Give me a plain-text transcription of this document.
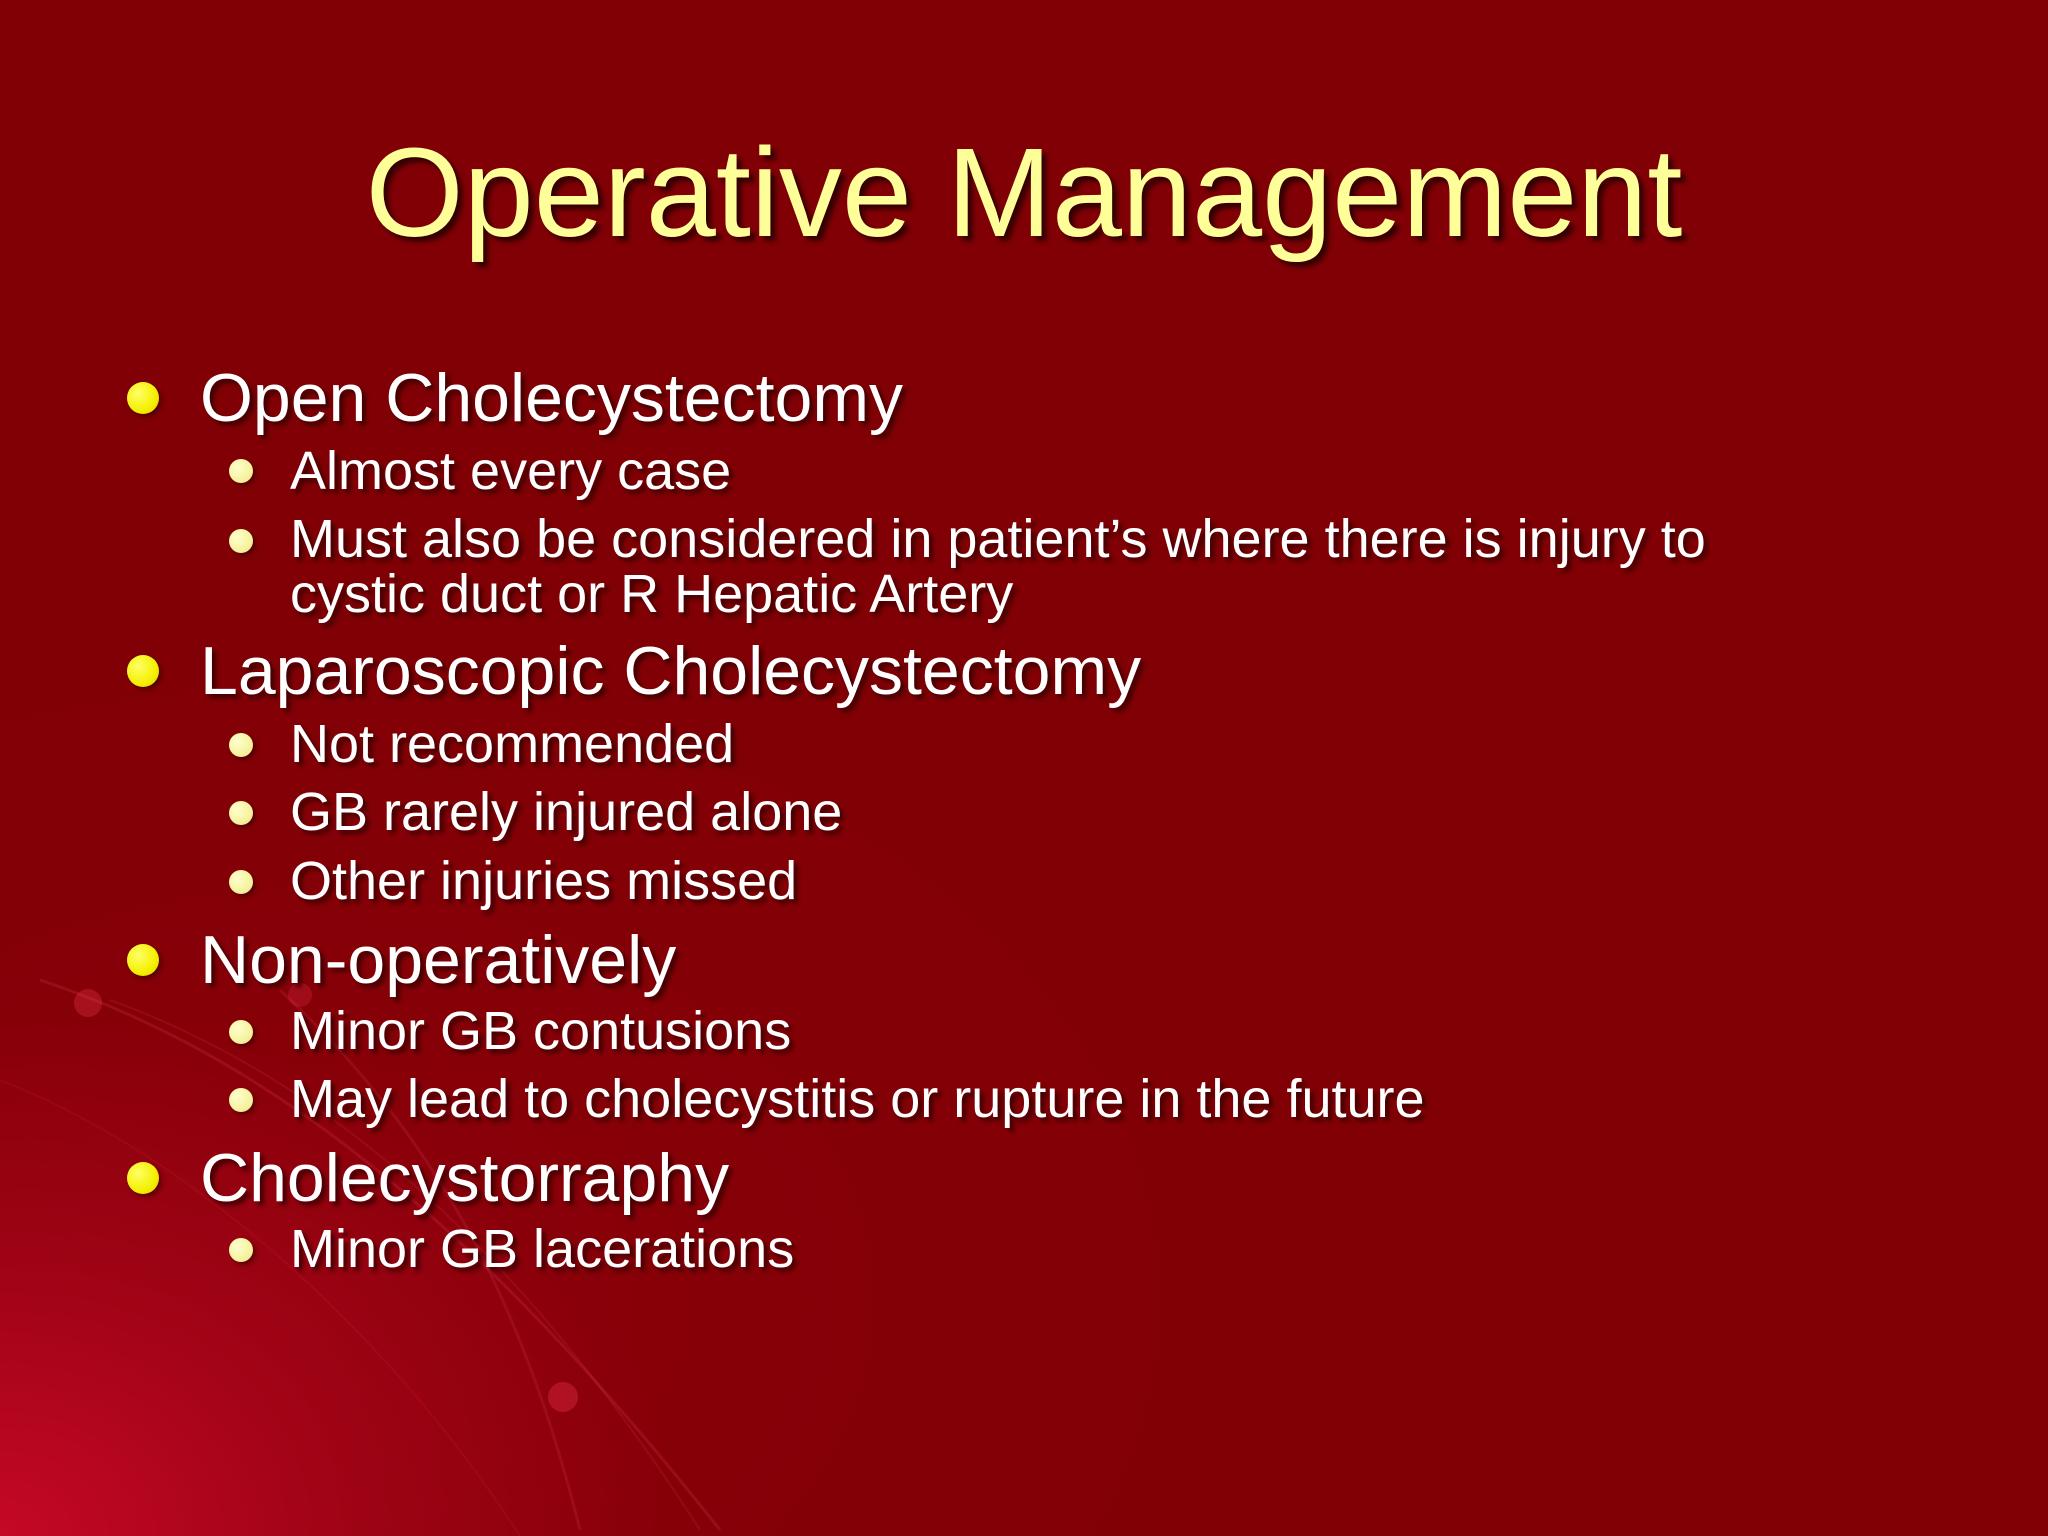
Operative Management
Open Cholecystectomy
Almost every case
Must also be considered in patient’s where there is injury to
cystic duct or R Hepatic Artery
Laparoscopic Cholecystectomy
Not recommended
GB rarely injured alone
Other injuries missed
Non-operatively
Minor GB contusions
May lead to cholecystitis or rupture in the future
Cholecystorraphy
Minor GB lacerations
